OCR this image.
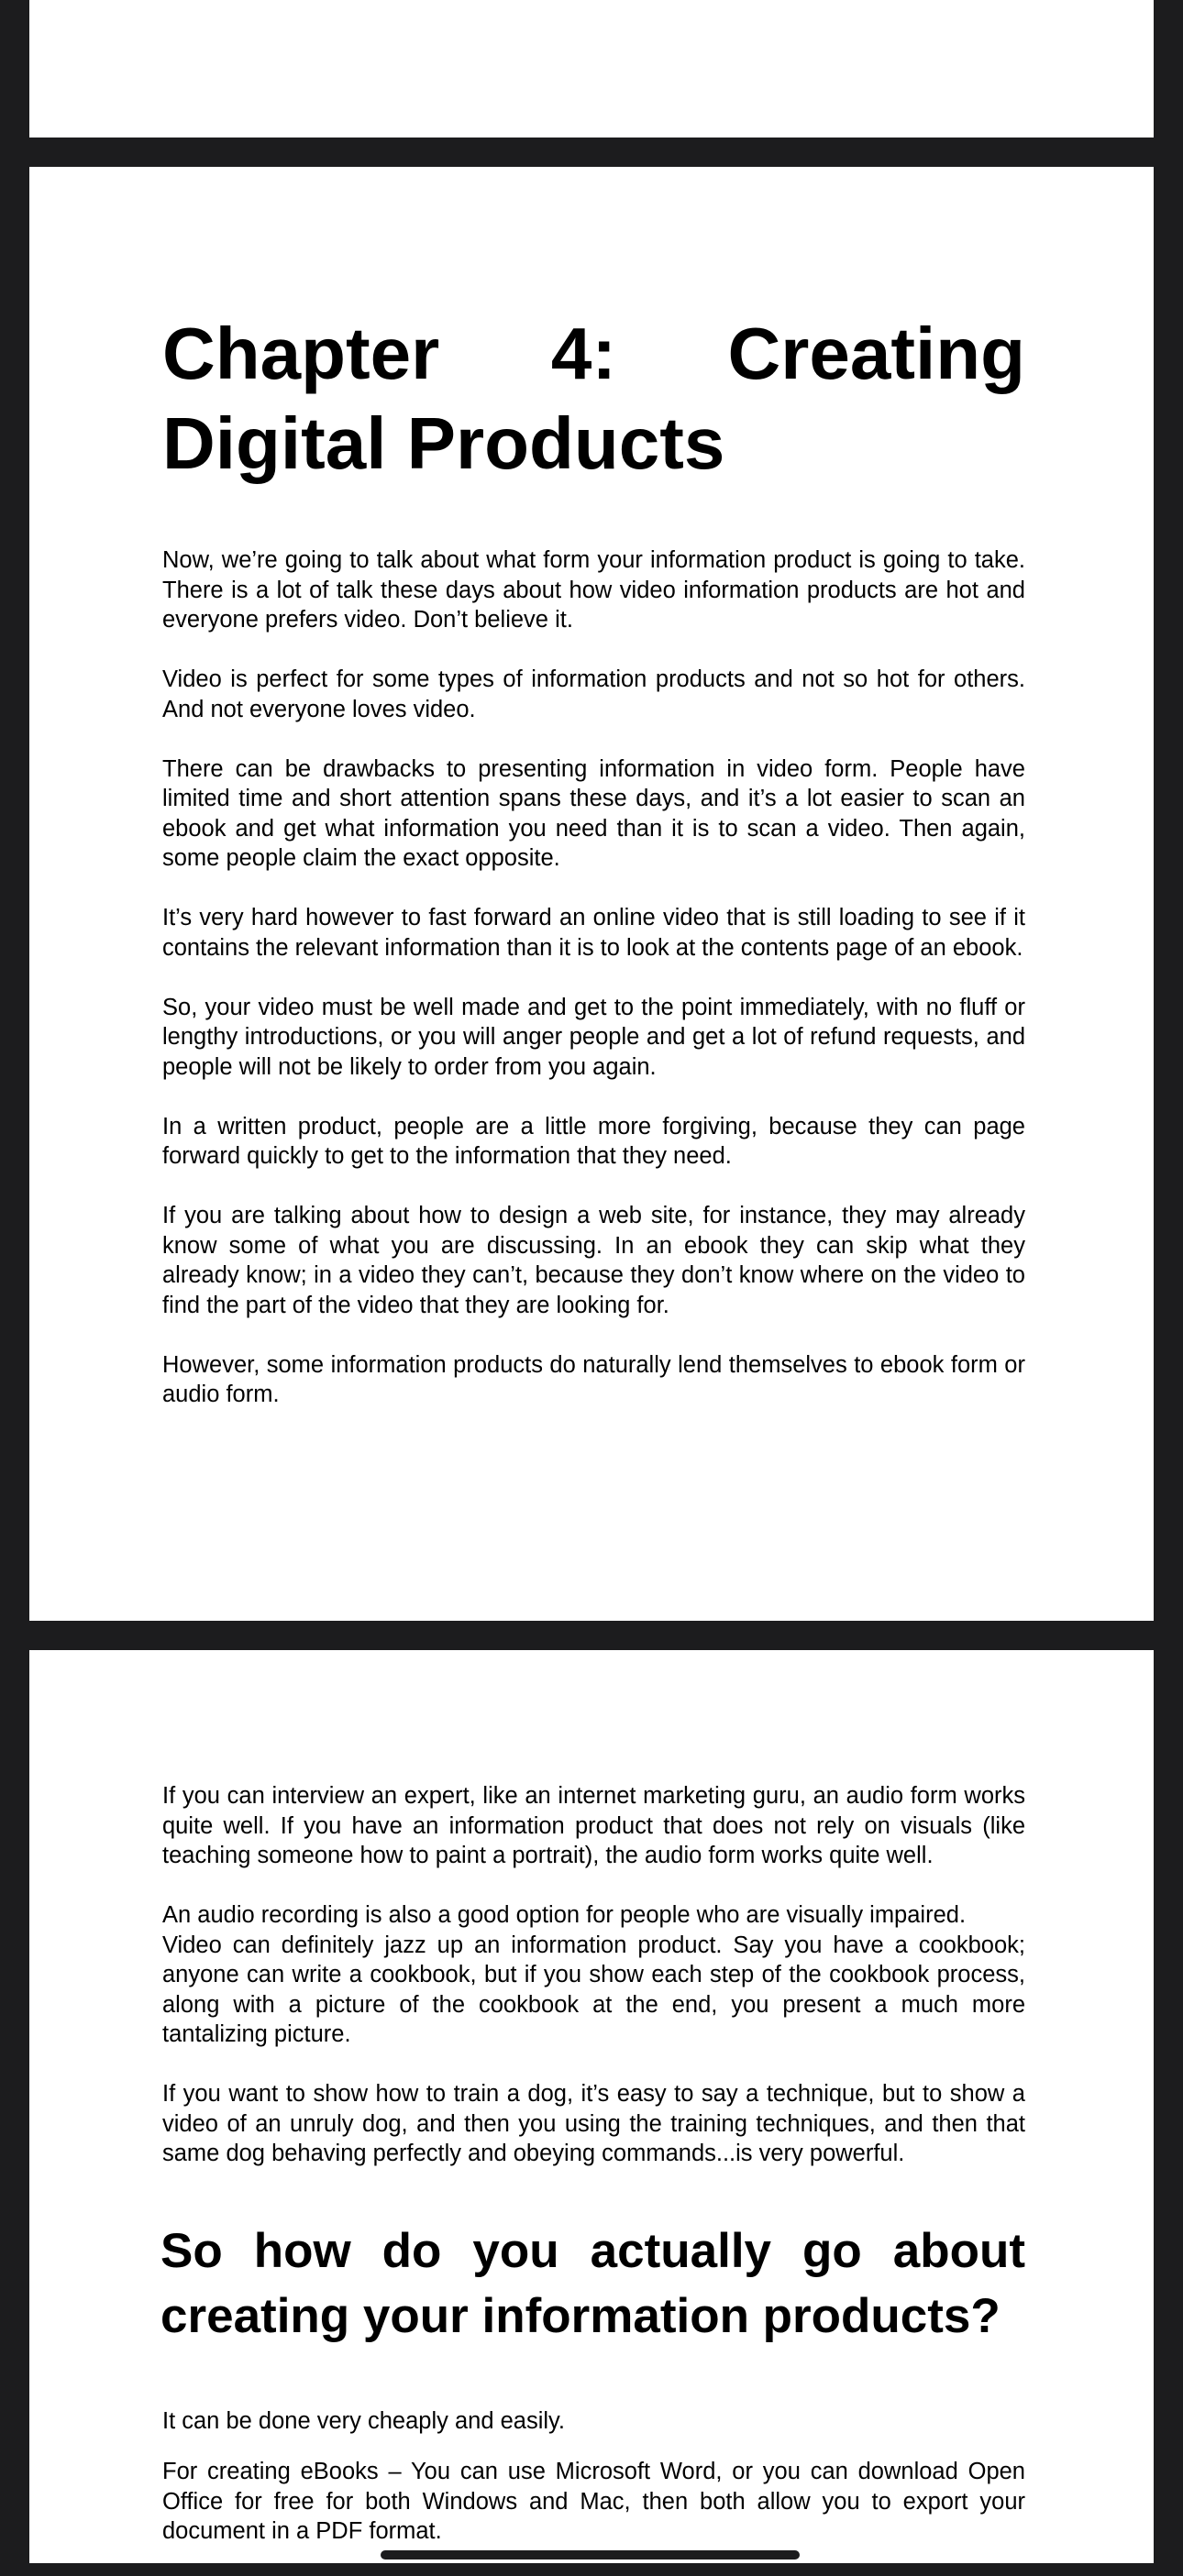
Chapter 4: Creating Digital Products

Now, we’re going to talk about what form your information product is going to take. There is a lot of talk these days about how video information products are hot and everyone prefers video. Don’t believe it.

Video is perfect for some types of information products and not so hot for others. And not everyone loves video.

There can be drawbacks to presenting information in video form. People have limited time and short attention spans these days, and it’s a lot easier to scan an ebook and get what information you need than it is to scan a video. Then again, some people claim the exact opposite.

It’s very hard however to fast forward an online video that is still loading to see if it contains the relevant information than it is to look at the contents page of an ebook.

So, your video must be well made and get to the point immediately, with no fluff or lengthy introductions, or you will anger people and get a lot of refund requests, and people will not be likely to order from you again.

In a written product, people are a little more forgiving, because they can page forward quickly to get to the information that they need.

If you are talking about how to design a web site, for instance, they may already know some of what you are discussing. In an ebook they can skip what they already know; in a video they can’t, because they don’t know where on the video to find the part of the video that they are looking for.

However, some information products do naturally lend themselves to ebook form or audio form.

If you can interview an expert, like an internet marketing guru, an audio form works quite well. If you have an information product that does not rely on visuals (like teaching someone how to paint a portrait), the audio form works quite well.

An audio recording is also a good option for people who are visually impaired.
Video can definitely jazz up an information product. Say you have a cookbook; anyone can write a cookbook, but if you show each step of the cookbook process, along with a picture of the cookbook at the end, you present a much more tantalizing picture.

If you want to show how to train a dog, it’s easy to say a technique, but to show a video of an unruly dog, and then you using the training techniques, and then that same dog behaving perfectly and obeying commands...is very powerful.

So how do you actually go about creating your information products?

It can be done very cheaply and easily.

For creating eBooks – You can use Microsoft Word, or you can download Open Office for free for both Windows and Mac, then both allow you to export your document in a PDF format.
